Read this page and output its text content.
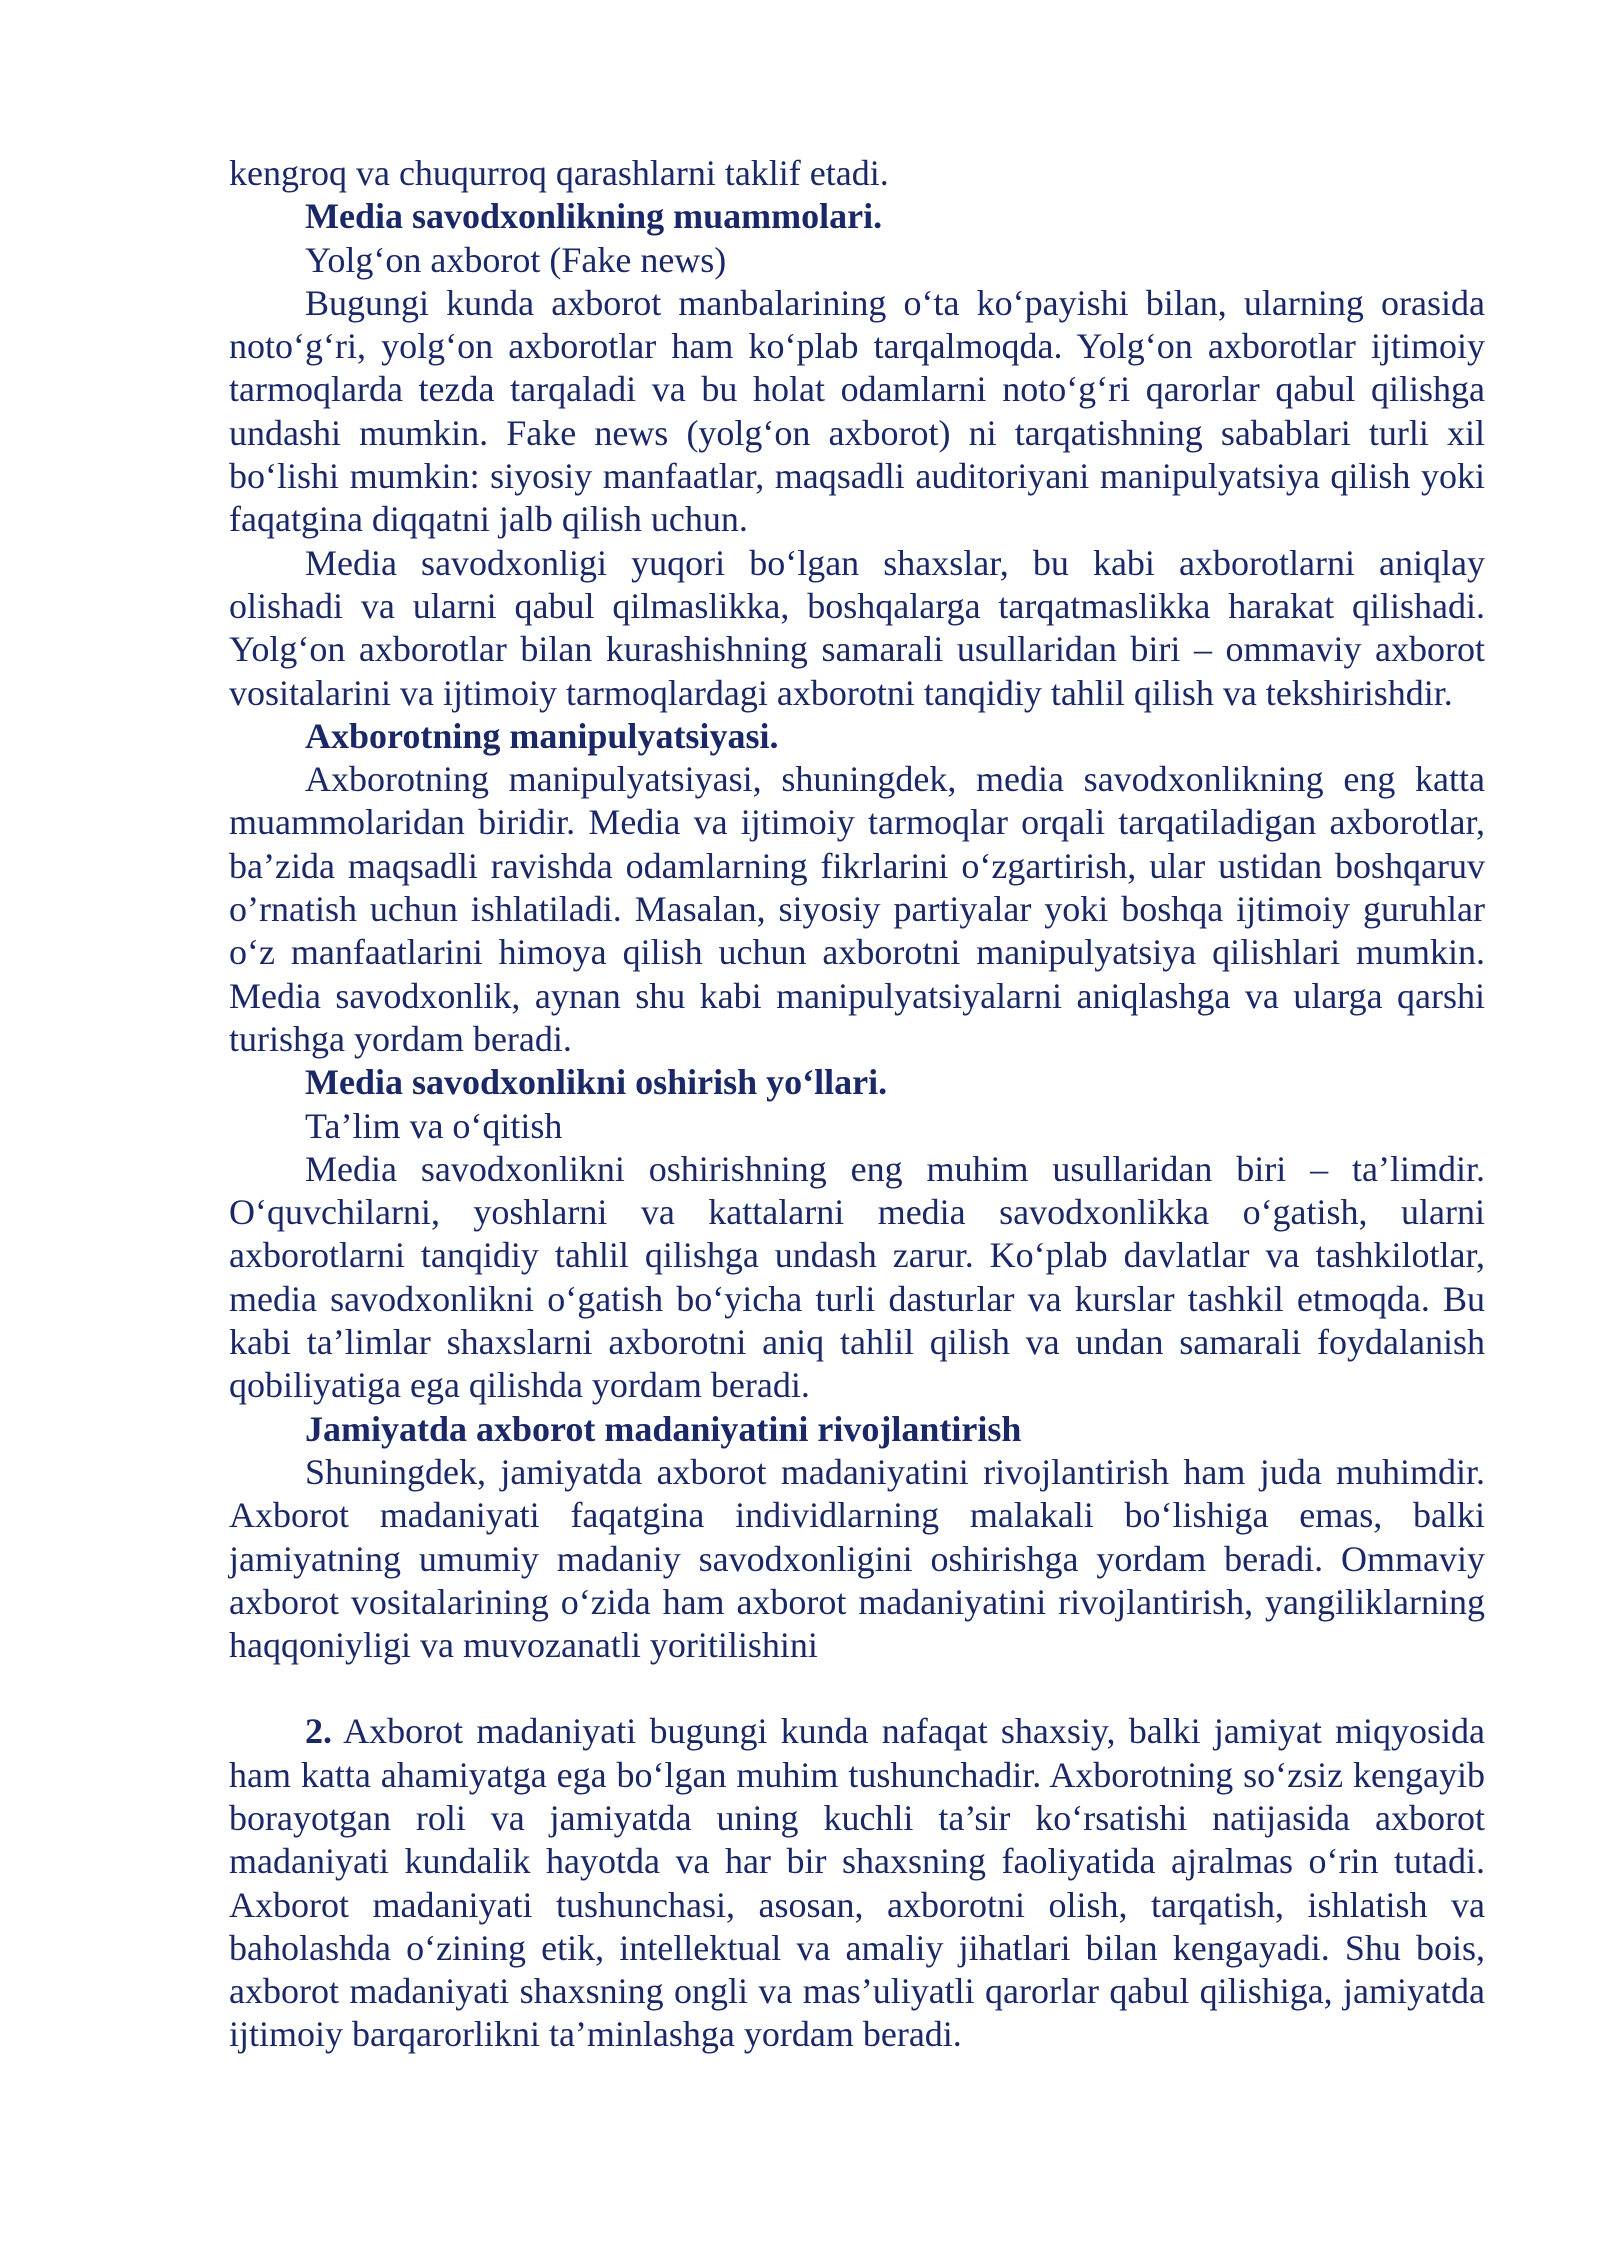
kengroq va chuqurroq qarashlarni taklif etadi.

Media savodxonlikning muammolari.

Yolg‘on axborot (Fake news)

Bugungi kunda axborot manbalarining o‘ta ko‘payishi bilan, ularning orasida noto‘g‘ri, yolg‘on axborotlar ham ko‘plab tarqalmoqda. Yolg‘on axborotlar ijtimoiy tarmoqlarda tezda tarqaladi va bu holat odamlarni noto‘g‘ri qarorlar qabul qilishga undashi mumkin. Fake news (yolg‘on axborot) ni tarqatishning sabablari turli xil bo‘lishi mumkin: siyosiy manfaatlar, maqsadli auditoriyani manipulyatsiya qilish yoki faqatgina diqqatni jalb qilish uchun.

Media savodxonligi yuqori bo‘lgan shaxslar, bu kabi axborotlarni aniqlay olishadi va ularni qabul qilmaslikka, boshqalarga tarqatmaslikka harakat qilishadi. Yolg‘on axborotlar bilan kurashishning samarali usullaridan biri – ommaviy axborot vositalarini va ijtimoiy tarmoqlardagi axborotni tanqidiy tahlil qilish va tekshirishdir.

Axborotning manipulyatsiyasi.

Axborotning manipulyatsiyasi, shuningdek, media savodxonlikning eng katta muammolaridan biridir. Media va ijtimoiy tarmoqlar orqali tarqatiladigan axborotlar, ba’zida maqsadli ravishda odamlarning fikrlarini o‘zgartirish, ular ustidan boshqaruv o’rnatish uchun ishlatiladi. Masalan, siyosiy partiyalar yoki boshqa ijtimoiy guruhlar o‘z manfaatlarini himoya qilish uchun axborotni manipulyatsiya qilishlari mumkin. Media savodxonlik, aynan shu kabi manipulyatsiyalarni aniqlashga va ularga qarshi turishga yordam beradi.

Media savodxonlikni oshirish yo‘llari.

Ta’lim va o‘qitish

Media savodxonlikni oshirishning eng muhim usullaridan biri – ta’limdir. O‘quvchilarni, yoshlarni va kattalarni media savodxonlikka o‘gatish, ularni axborotlarni tanqidiy tahlil qilishga undash zarur. Ko‘plab davlatlar va tashkilotlar, media savodxonlikni o‘gatish bo‘yicha turli dasturlar va kurslar tashkil etmoqda. Bu kabi ta’limlar shaxslarni axborotni aniq tahlil qilish va undan samarali foydalanish qobiliyatiga ega qilishda yordam beradi.

Jamiyatda axborot madaniyatini rivojlantirish

Shuningdek, jamiyatda axborot madaniyatini rivojlantirish ham juda muhimdir. Axborot madaniyati faqatgina individlarning malakali bo‘lishiga emas, balki jamiyatning umumiy madaniy savodxonligini oshirishga yordam beradi. Ommaviy axborot vositalarining o‘zida ham axborot madaniyatini rivojlantirish, yangiliklarning haqqoniyligi va muvozanatli yoritilishini

2. Axborot madaniyati bugungi kunda nafaqat shaxsiy, balki jamiyat miqyosida ham katta ahamiyatga ega bo‘lgan muhim tushunchadir. Axborotning so‘zsiz kengayib borayotgan roli va jamiyatda uning kuchli ta’sir ko‘rsatishi natijasida axborot madaniyati kundalik hayotda va har bir shaxsning faoliyatida ajralmas o‘rin tutadi. Axborot madaniyati tushunchasi, asosan, axborotni olish, tarqatish, ishlatish va baholashda o‘zining etik, intellektual va amaliy jihatlari bilan kengayadi. Shu bois, axborot madaniyati shaxsning ongli va mas’uliyatli qarorlar qabul qilishiga, jamiyatda ijtimoiy barqarorlikni ta’minlashga yordam beradi.
